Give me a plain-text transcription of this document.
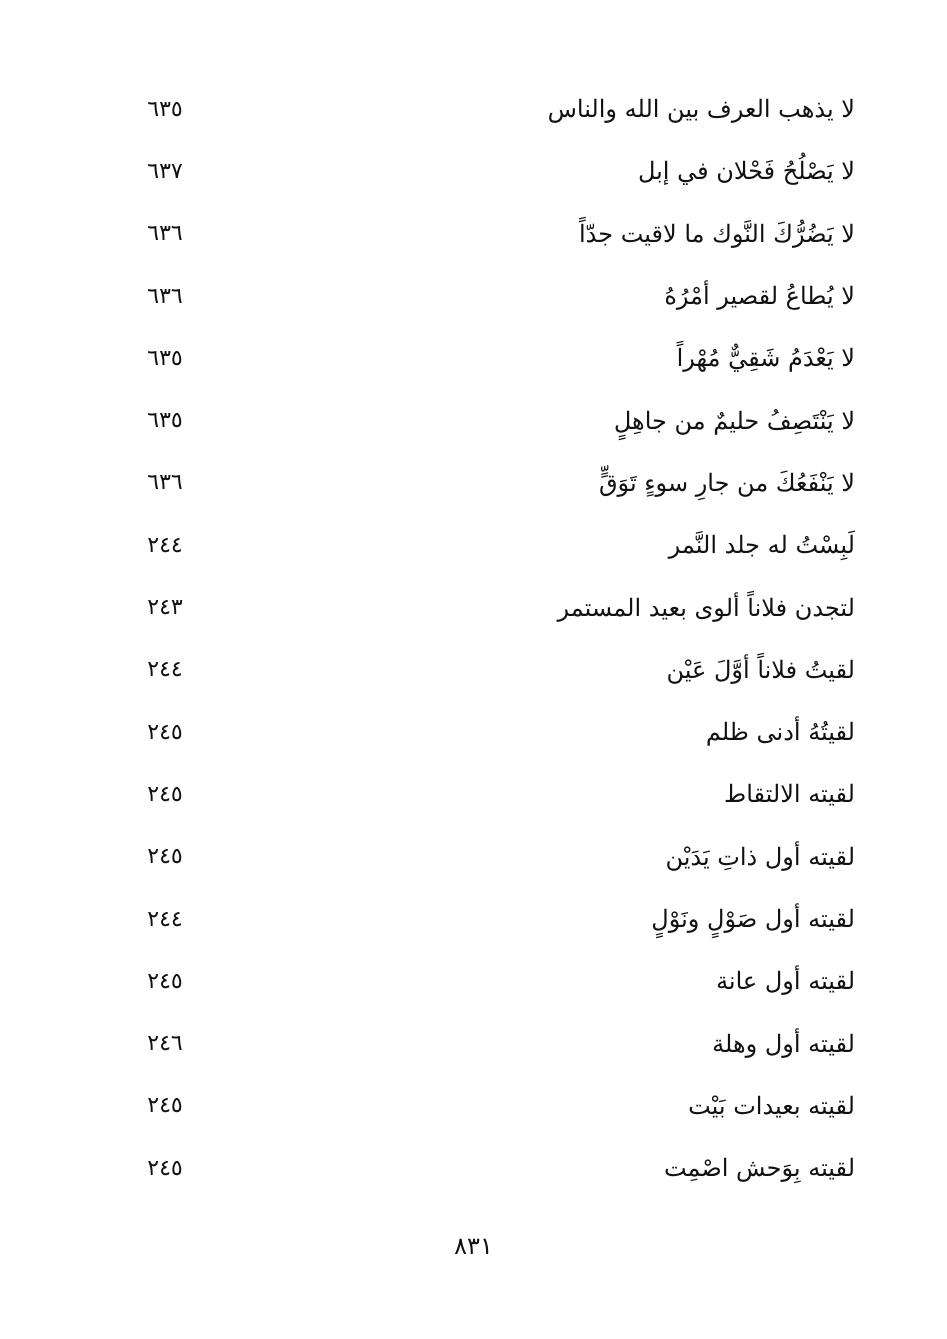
٦٣٥	لا يذهب العرف بين الله والناس
٦٣٧	لا يَصْلُحُ فَحْلان في إبل
٦٣٦	لا يَضُرُّكَ النَّوك ما لاقيت جدّاً
٦٣٦	لا يُطاعُ لقصير أمْرُهُ
٦٣٥	لا يَعْدَمُ شَقِيٌّ مُهْراً
٦٣٥	لا يَنْتَصِفُ حليمٌ من جاهِلٍ
٦٣٦	لا يَنْفَعُكَ من جارِ سوءٍ تَوَقٍّ
٢٤٤	لَبِسْتُ له جلد النَّمر
٢٤٣	لتجدن فلاناً ألوى بعيد المستمر
٢٤٤	لقيتُ فلاناً أوَّلَ عَيْن
٢٤٥	لقيتُهُ أدنى ظلم
٢٤٥	لقيته الالتقاط
٢٤٥	لقيته أول ذاتِ يَدَيْن
٢٤٤	لقيته أول صَوْلٍ ونَوْلٍ
٢٤٥	لقيته أول عانة
٢٤٦	لقيته أول وهلة
٢٤٥	لقيته بعيدات بَيْت
٢٤٥	لقيته بِوَحش اصْمِت
٨٣١
